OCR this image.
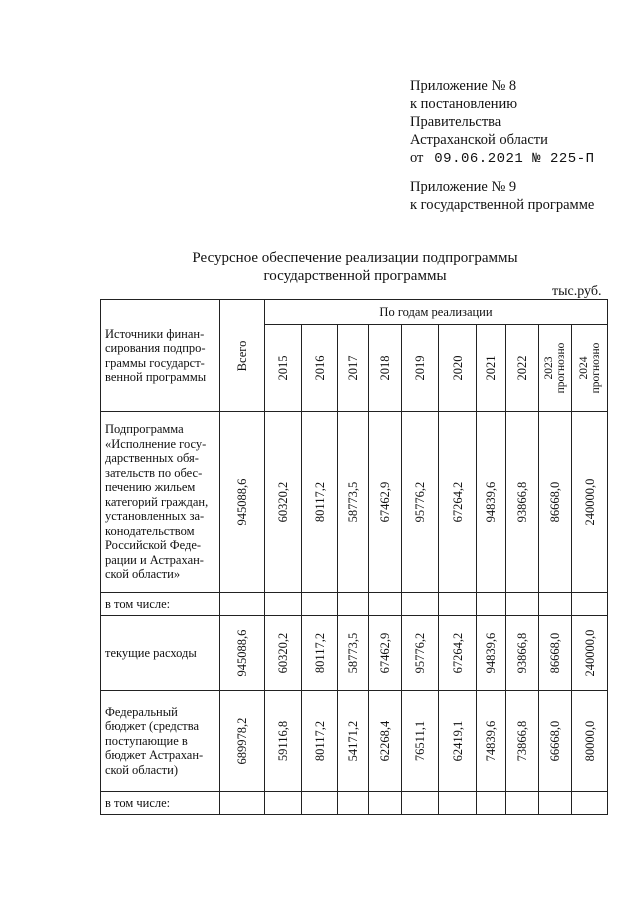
Приложение № 8
к постановлению
Правительства
Астраханской области
от 09.06.2021 № 225-П
Приложение № 9
к государственной программе
Ресурсное обеспечение реализации подпрограммы
государственной программы
тыс.руб.
Источники финан-сирования подпро-граммы государст-венной программы	Всего	По годам реализации									

		2015	2016	2017	2018	2019	2020	2021	2022	2023 прогнозно	2024 прогнозно

Подпрограмма «Исполнение госу-дарственных обя-зательств по обес-печению жильем категорий граждан, установленных за-конодательством Российской Феде-рации и Астрахан-ской области»	945088,6	60320,2	80117,2	58773,5	67462,9	95776,2	67264,2	94839,6	93866,8	86668,0	240000,0

в том числе:	

текущие расходы	945088,6	60320,2	80117,2	58773,5	67462,9	95776,2	67264,2	94839,6	93866,8	86668,0	240000,0

Федеральный бюджет (средства поступающие в бюджет Астрахан-ской области)	689978,2	59116,8	80117,2	54171,2	62268,4	76511,1	62419,1	74839,6	73866,8	66668,0	80000,0

в том числе:	
